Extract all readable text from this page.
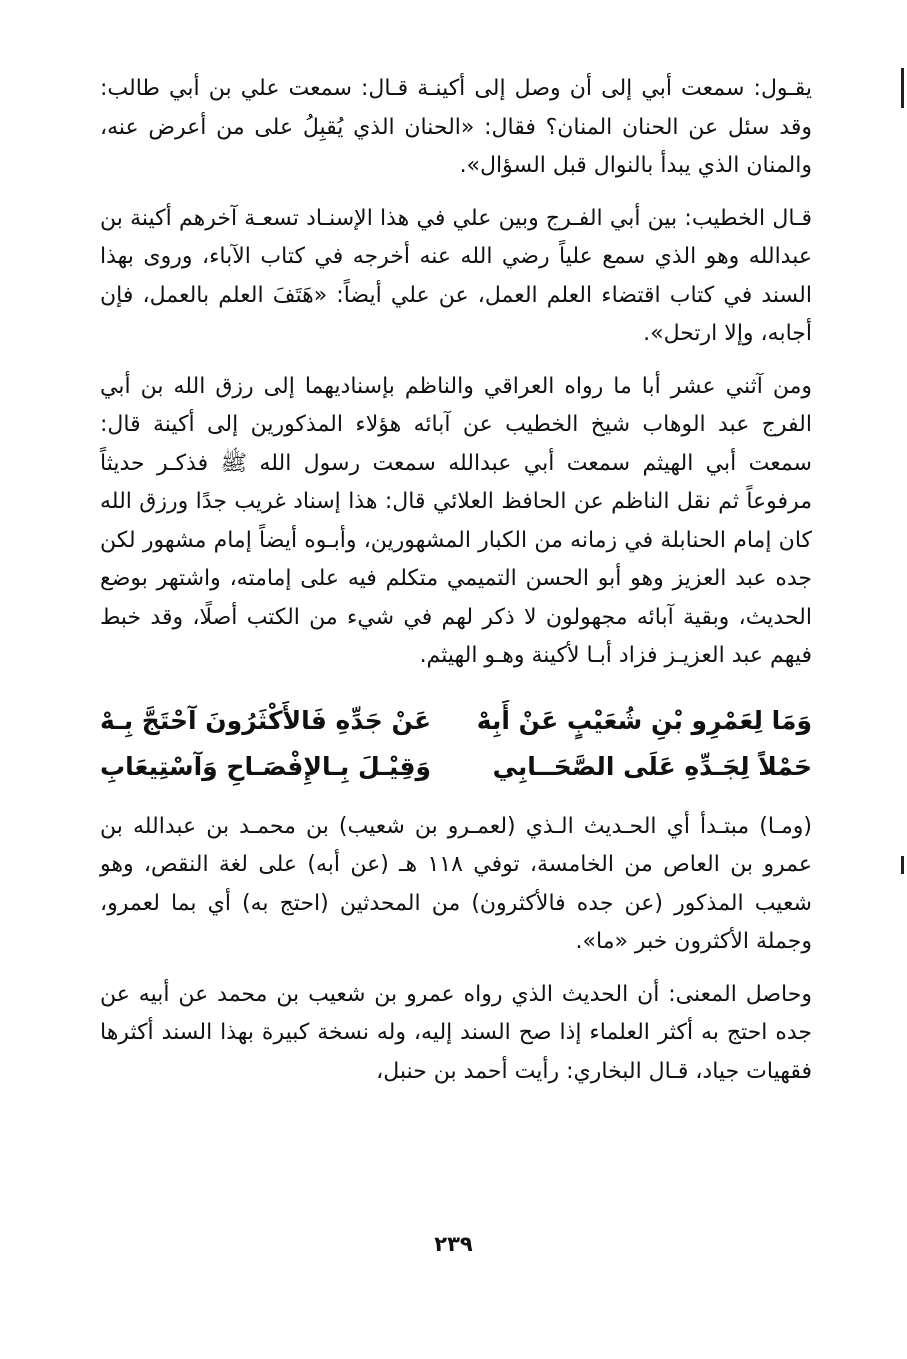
يقـول: سمعت أبي إلى أن وصل إلى أكينـة قـال: سمعت علي بن أبي طالب: وقد سئل عن الحنان المنان؟ فقال: «الحنان الذي يُقبِلُ على من أعرض عنه، والمنان الذي يبدأ بالنوال قبل السؤال».

قـال الخطيب: بين أبي الفـرج وبين علي في هذا الإسنـاد تسعـة آخرهم أكينة بن عبدالله وهو الذي سمع علياً رضي الله عنه أخرجه في كتاب الآباء، وروى بهذا السند في كتاب اقتضاء العلم العمل، عن علي أيضاً: «هَتَفَ العلم بالعمل، فإن أجابه، وإلا ارتحل».

ومن آثني عشر أبا ما رواه العراقي والناظم بإسناديهما إلى رزق الله بن أبي الفرج عبد الوهاب شيخ الخطيب عن آبائه هؤلاء المذكورين إلى أكينة قال: سمعت أبي الهيثم سمعت أبي عبدالله سمعت رسول الله ﷺ فذكـر حديثاً مرفوعاً ثم نقل الناظم عن الحافظ العلائي قال: هذا إسناد غريب جدًا ورزق الله كان إمام الحنابلة في زمانه من الكبار المشهورين، وأبـوه أيضاً إمام مشهور لكن جده عبد العزيز وهو أبو الحسن التميمي متكلم فيه على إمامته، واشتهر بوضع الحديث، وبقية آبائه مجهولون لا ذكر لهم في شيء من الكتب أصلًا، وقد خبط فيهم عبد العزيـز فزاد أبـا لأكينة وهـو الهيثم.

وَمَا لِعَمْرِو بْنِ شُعَيْبٍ عَنْ أَبِهْ
عَنْ جَدِّهِ فَالأَكْثَرُونَ آحْتَجَّ بِـهْ
حَمْلاً لِجَـدِّهِ عَلَى الصَّحَــابِي
وَقِيْـلَ بِـالإِفْصَـاحِ وَآسْتِيعَابِ

(ومـا) مبتـدأ أي الحـديث الـذي (لعمـرو بن شعيب) بن محمـد بن عبدالله بن عمرو بن العاص من الخامسة، توفي ١١٨ هـ (عن أبه) على لغة النقص، وهو شعيب المذكور (عن جده فالأكثرون) من المحدثين (احتج به) أي بما لعمرو، وجملة الأكثرون خبر «ما».

وحاصل المعنى: أن الحديث الذي رواه عمرو بن شعيب بن محمد عن أبيه عن جده احتج به أكثر العلماء إذا صح السند إليه، وله نسخة كبيرة بهذا السند أكثرها فقهيات جياد، قـال البخاري: رأيت أحمد بن حنبل،

٢٣٩
